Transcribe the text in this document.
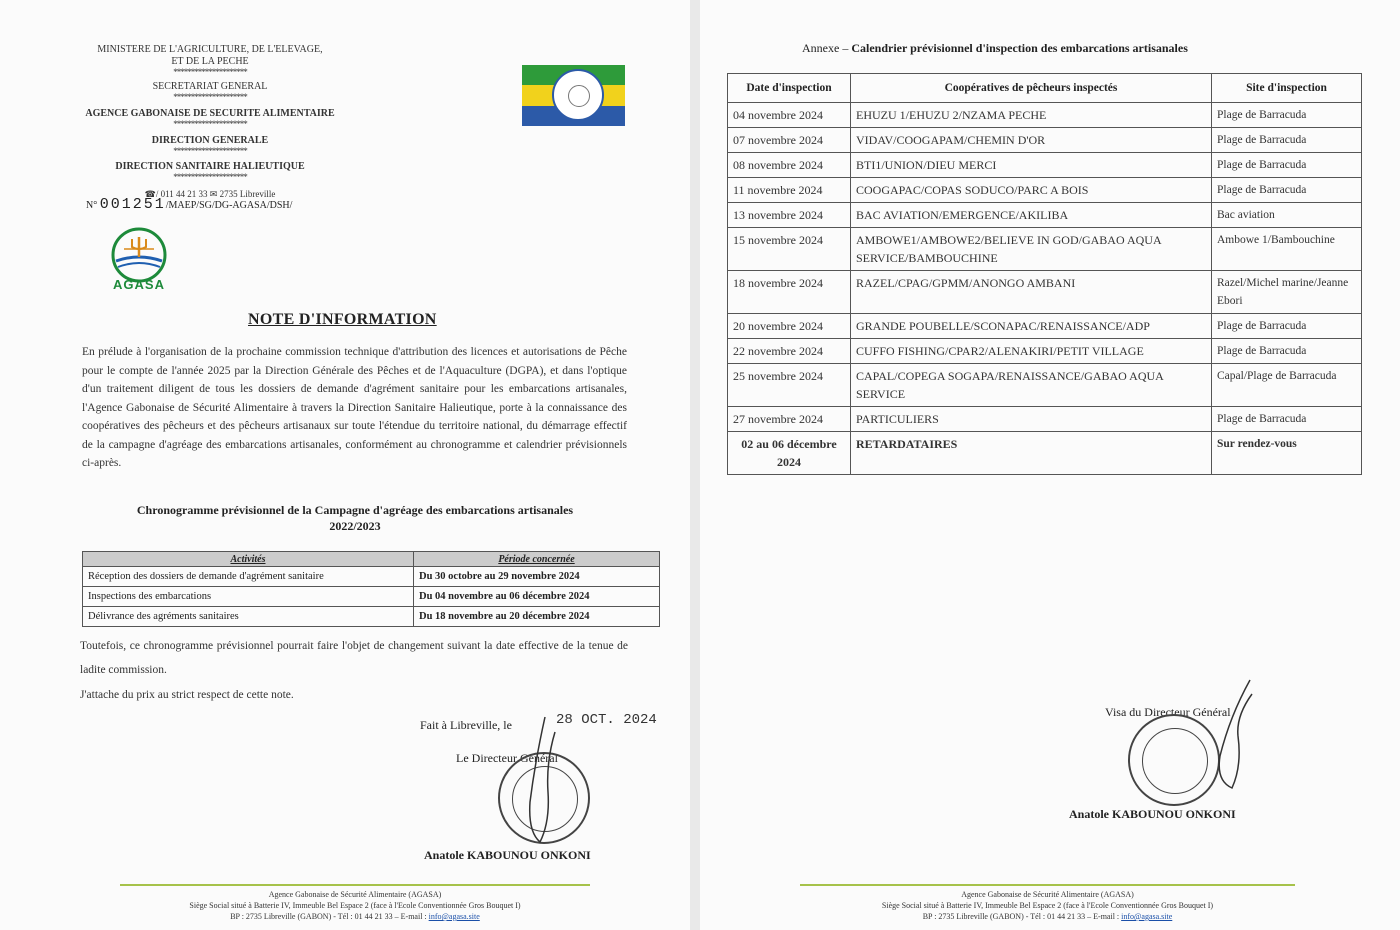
MINISTERE DE L'AGRICULTURE, DE L'ELEVAGE,
ET DE LA PECHE
*********************
SECRETARIAT GENERAL
*********************
AGENCE GABONAISE DE SECURITE ALIMENTAIRE
*********************
DIRECTION GENERALE
*********************
DIRECTION SANITAIRE HALIEUTIQUE
*********************
☎/ 011 44 21 33 ✉ 2735 Libreville
N° 001251/MAEP/SG/DG-AGASA/DSH/
AGASA
NOTE D'INFORMATION
En prélude à l'organisation de la prochaine commission technique d'attribution des licences et autorisations de Pêche pour le compte de l'année 2025 par la Direction Générale des Pêches et de l'Aquaculture (DGPA), et dans l'optique d'un traitement diligent de tous les dossiers de demande d'agrément sanitaire pour les embarcations artisanales, l'Agence Gabonaise de Sécurité Alimentaire à travers la Direction Sanitaire Halieutique, porte à la connaissance des coopératives des pêcheurs et des pêcheurs artisanaux sur toute l'étendue du territoire national, du démarrage effectif de la campagne d'agréage des embarcations artisanales, conformément au chronogramme et calendrier prévisionnels ci-après.
Chronogramme prévisionnel de la Campagne d'agréage des embarcations artisanales
2022/2023
Activités	Période concernée
Réception des dossiers de demande d'agrément sanitaire	Du 30 octobre au 29 novembre 2024
Inspections des embarcations	Du 04 novembre au 06 décembre 2024
Délivrance des agréments sanitaires	Du 18 novembre au 20 décembre 2024
Toutefois, ce chronogramme prévisionnel pourrait faire l'objet de changement suivant la date effective de la tenue de ladite commission.
J'attache du prix au strict respect de cette note.
Fait à Libreville, le	28 OCT. 2024
Le Directeur Général
Anatole KABOUNOU ONKONI
Agence Gabonaise de Sécurité Alimentaire (AGASA)
Siège Social situé à Batterie IV, Immeuble Bel Espace 2 (face à l'Ecole Conventionnée Gros Bouquet I)
BP : 2735 Libreville (GABON) - Tél : 01 44 21 33 – E-mail : info@agasa.site
Annexe – Calendrier prévisionnel d'inspection des embarcations artisanales
Date d'inspection	Coopératives de pêcheurs inspectés	Site d'inspection
04 novembre 2024	EHUZU 1/EHUZU 2/NZAMA PECHE	Plage de Barracuda
07 novembre 2024	VIDAV/COOGAPAM/CHEMIN D'OR	Plage de Barracuda
08 novembre 2024	BTI1/UNION/DIEU MERCI	Plage de Barracuda
11 novembre 2024	COOGAPAC/COPAS SODUCO/PARC A BOIS	Plage de Barracuda
13 novembre 2024	BAC AVIATION/EMERGENCE/AKILIBA	Bac aviation
15 novembre 2024	AMBOWE1/AMBOWE2/BELIEVE IN GOD/GABAO AQUA SERVICE/BAMBOUCHINE	Ambowe 1/Bambouchine
18 novembre 2024	RAZEL/CPAG/GPMM/ANONGO AMBANI	Razel/Michel marine/Jeanne Ebori
20 novembre 2024	GRANDE POUBELLE/SCONAPAC/RENAISSANCE/ADP	Plage de Barracuda
22 novembre 2024	CUFFO FISHING/CPAR2/ALENAKIRI/PETIT VILLAGE	Plage de Barracuda
25 novembre 2024	CAPAL/COPEGA SOGAPA/RENAISSANCE/GABAO AQUA SERVICE	Capal/Plage de Barracuda
27 novembre 2024	PARTICULIERS	Plage de Barracuda
02 au 06 décembre 2024	RETARDATAIRES	Sur rendez-vous
Visa du Directeur Général
Anatole KABOUNOU ONKONI
Agence Gabonaise de Sécurité Alimentaire (AGASA)
Siège Social situé à Batterie IV, Immeuble Bel Espace 2 (face à l'Ecole Conventionnée Gros Bouquet I)
BP : 2735 Libreville (GABON) - Tél : 01 44 21 33 – E-mail : info@agasa.site
